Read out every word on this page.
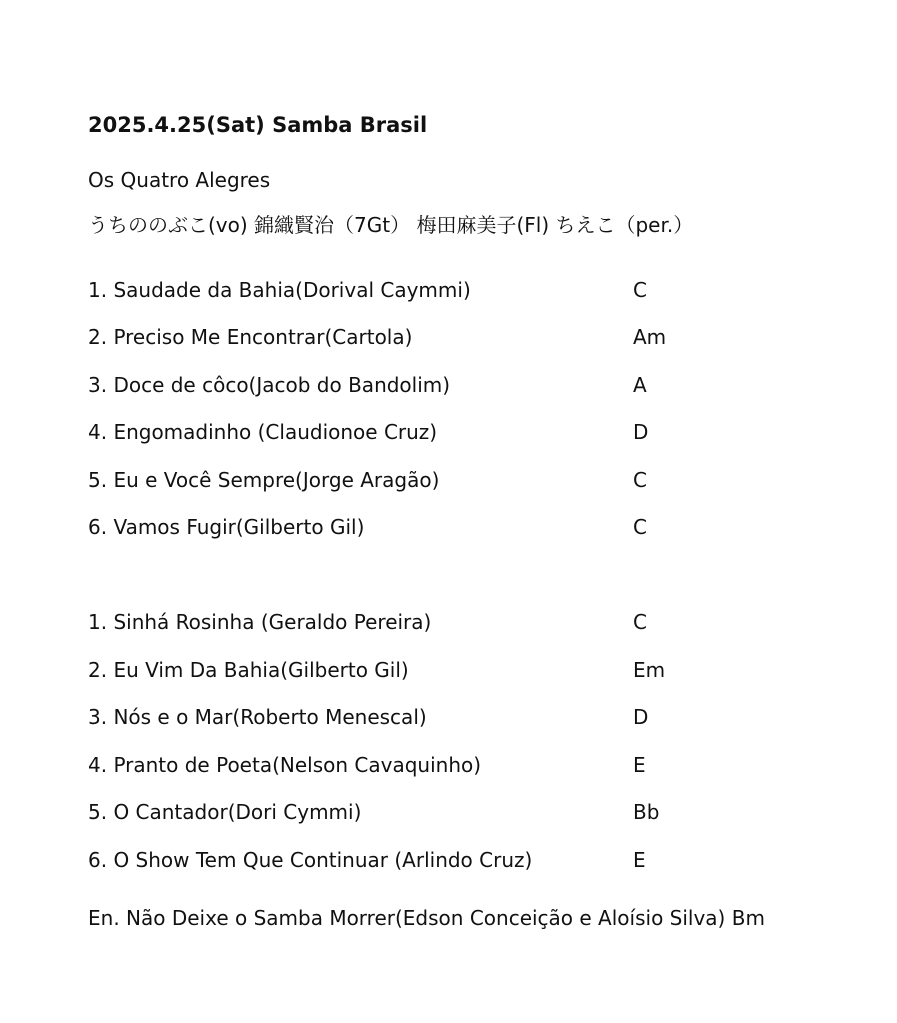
2025.4.25(Sat) Samba Brasil
Os Quatro Alegres
うちののぶこ(vo) 錦織賢治（7Gt） 梅田麻美子(Fl) ちえこ（per.）
1. Saudade da Bahia(Dorival Caymmi)	C
2. Preciso Me Encontrar(Cartola)	Am
3. Doce de côco(Jacob do Bandolim)	A
4. Engomadinho (Claudionoe Cruz)	D
5. Eu e Você Sempre(Jorge Aragão)	C
6. Vamos Fugir(Gilberto Gil)	C
1. Sinhá Rosinha (Geraldo Pereira)	C
2. Eu Vim Da Bahia(Gilberto Gil)	Em
3. Nós e o Mar(Roberto Menescal)	D
4. Pranto de Poeta(Nelson Cavaquinho)	E
5. O Cantador(Dori Cymmi)	Bb
6. O Show Tem Que Continuar (Arlindo Cruz)	E
En. Não Deixe o Samba Morrer(Edson Conceição e Aloísio Silva) Bm
